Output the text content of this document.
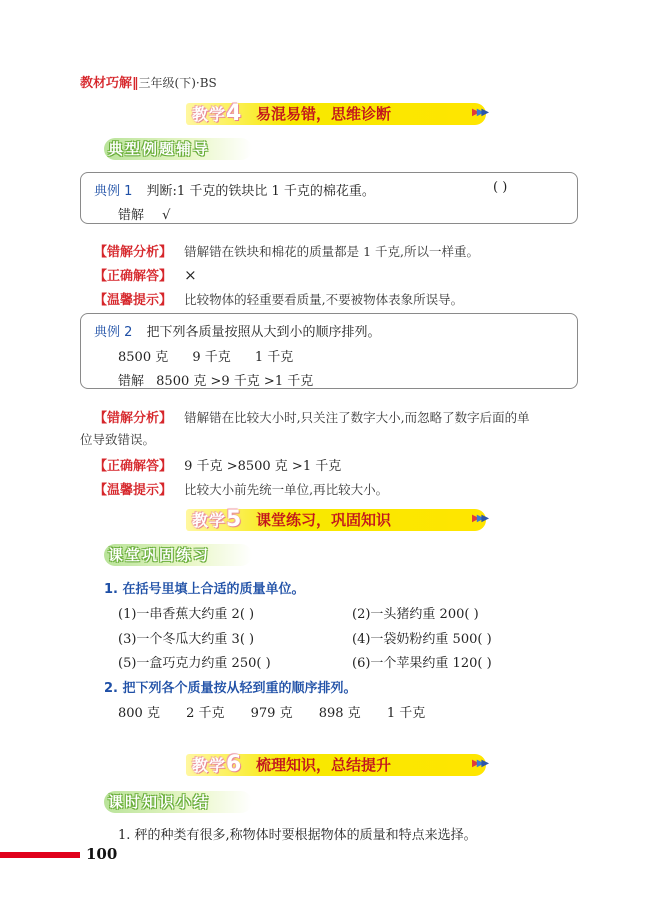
教材巧解‖三年级(下)·BS
教学4 易混易错，思维诊断	▶▶▶
典型例题辅导
典例 1 判断:1 千克的铁块比 1 千克的棉花重。	( )
错解 √
【错解分析】 错解错在铁块和棉花的质量都是 1 千克,所以一样重。
【正确解答】 ×
【温馨提示】 比较物体的轻重要看质量,不要被物体表象所误导。
典例 2 把下列各质量按照从大到小的顺序排列。
8500 克 9 千克 1 千克
错解 8500 克 >9 千克 >1 千克
【错解分析】 错解错在比较大小时,只关注了数字大小,而忽略了数字后面的单
位导致错误。
【正确解答】 9 千克 >8500 克 >1 千克
【温馨提示】 比较大小前先统一单位,再比较大小。
教学5 课堂练习，巩固知识	▶▶▶
课堂巩固练习
1. 在括号里填上合适的质量单位。
(1)一串香蕉大约重 2( )	(2)一头猪约重 200( )
(3)一个冬瓜大约重 3( )	(4)一袋奶粉约重 500( )
(5)一盒巧克力约重 250( )	(6)一个苹果约重 120( )
2. 把下列各个质量按从轻到重的顺序排列。
800 克 2 千克 979 克 898 克 1 千克
教学6 梳理知识，总结提升	▶▶▶
课时知识小结
1. 秤的种类有很多,称物体时要根据物体的质量和特点来选择。
100
